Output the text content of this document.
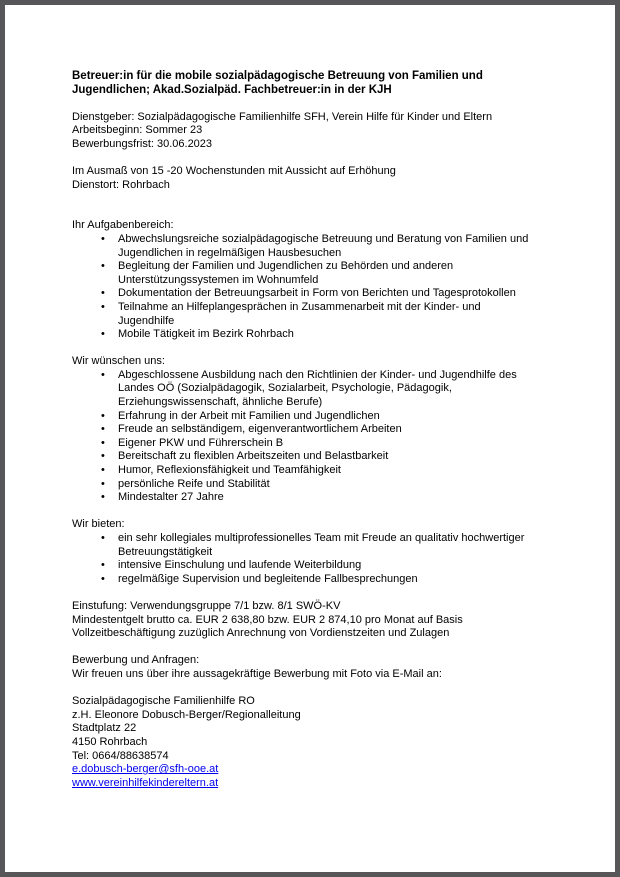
Betreuer:in für die mobile sozialpädagogische Betreuung von Familien und Jugendlichen; Akad.Sozialpäd. Fachbetreuer:in in der KJH

Dienstgeber: Sozialpädagogische Familienhilfe SFH, Verein Hilfe für Kinder und Eltern
Arbeitsbeginn: Sommer 23
Bewerbungsfrist: 30.06.2023
Im Ausmaß von 15 -20 Wochenstunden mit Aussicht auf Erhöhung
Dienstort: Rohrbach
Ihr Aufgabenbereich:
• Abwechslungsreiche sozialpädagogische Betreuung und Beratung von Familien und Jugendlichen in regelmäßigen Hausbesuchen
• Begleitung der Familien und Jugendlichen zu Behörden und anderen Unterstützungssystemen im Wohnumfeld
• Dokumentation der Betreuungsarbeit in Form von Berichten und Tagesprotokollen
• Teilnahme an Hilfeplangesprächen in Zusammenarbeit mit der Kinder- und Jugendhilfe
• Mobile Tätigkeit im Bezirk Rohrbach
Wir wünschen uns:
• Abgeschlossene Ausbildung nach den Richtlinien der Kinder- und Jugendhilfe des Landes OÖ (Sozialpädagogik, Sozialarbeit, Psychologie, Pädagogik, Erziehungswissenschaft, ähnliche Berufe)
• Erfahrung in der Arbeit mit Familien und Jugendlichen
• Freude an selbständigem, eigenverantwortlichem Arbeiten
• Eigener PKW und Führerschein B
• Bereitschaft zu flexiblen Arbeitszeiten und Belastbarkeit
• Humor, Reflexionsfähigkeit und Teamfähigkeit
• persönliche Reife und Stabilität
• Mindestalter 27 Jahre
Wir bieten:
• ein sehr kollegiales multiprofessionelles Team mit Freude an qualitativ hochwertiger Betreuungstätigkeit
• intensive Einschulung und laufende Weiterbildung
• regelmäßige Supervision und begleitende Fallbesprechungen
Einstufung: Verwendungsgruppe 7/1 bzw. 8/1 SWÖ-KV
Mindestentgelt brutto ca. EUR 2 638,80 bzw. EUR 2 874,10 pro Monat auf Basis
Vollzeitbeschäftigung zuzüglich Anrechnung von Vordienstzeiten und Zulagen
Bewerbung und Anfragen:
Wir freuen uns über ihre aussagekräftige Bewerbung mit Foto via E-Mail an:
Sozialpädagogische Familienhilfe RO
z.H. Eleonore Dobusch-Berger/Regionalleitung
Stadtplatz 22
4150 Rohrbach
Tel: 0664/88638574
e.dobusch-berger@sfh-ooe.at
www.vereinhilfekindereltern.at
